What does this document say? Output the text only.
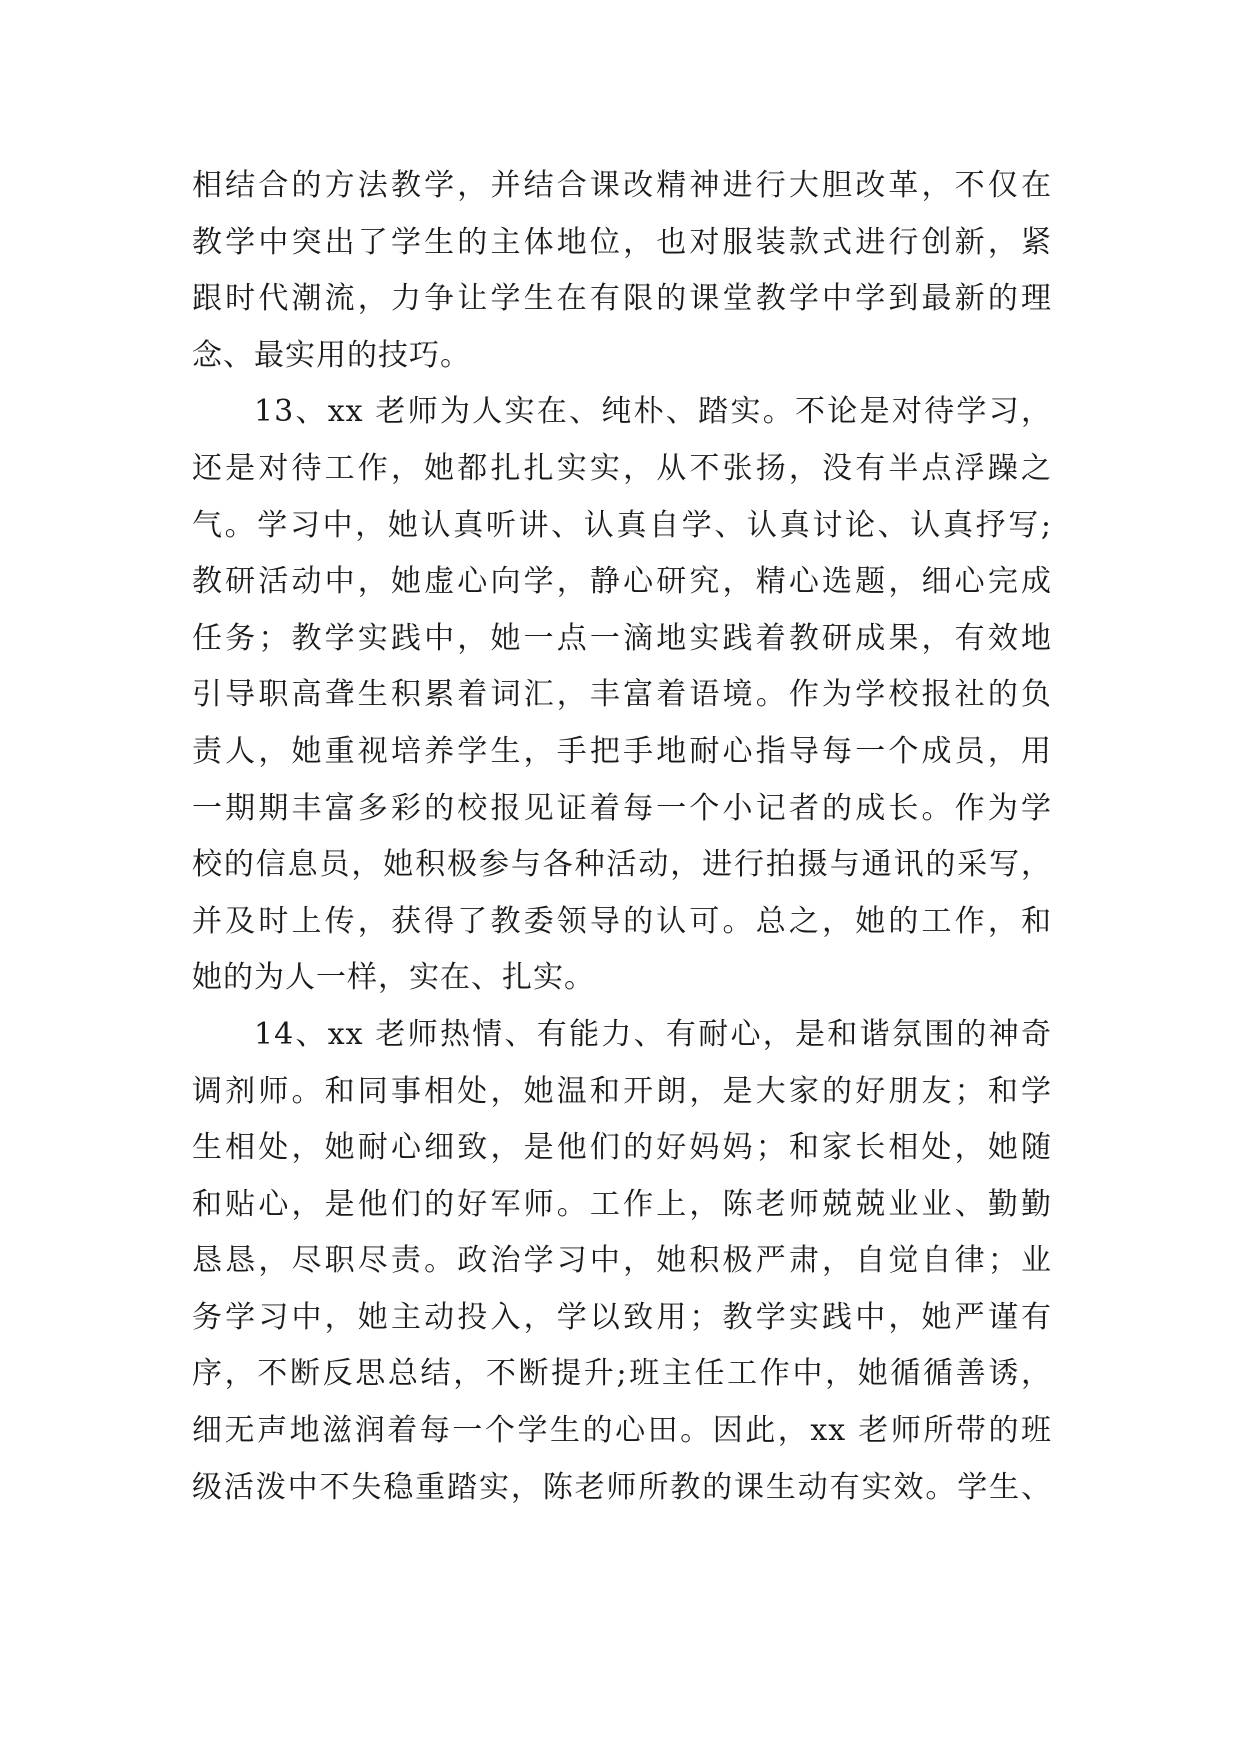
相结合的方法教学，并结合课改精神进行大胆改革，不仅在
教学中突出了学生的主体地位，也对服装款式进行创新，紧
跟时代潮流，力争让学生在有限的课堂教学中学到最新的理
念、最实用的技巧。
13、xx 老师为人实在、纯朴、踏实。不论是对待学习，
还是对待工作，她都扎扎实实，从不张扬，没有半点浮躁之
气。学习中，她认真听讲、认真自学、认真讨论、认真抒写;
教研活动中，她虚心向学，静心研究，精心选题，细心完成
任务；教学实践中，她一点一滴地实践着教研成果，有效地
引导职高聋生积累着词汇，丰富着语境。作为学校报社的负
责人，她重视培养学生，手把手地耐心指导每一个成员，用
一期期丰富多彩的校报见证着每一个小记者的成长。作为学
校的信息员，她积极参与各种活动，进行拍摄与通讯的采写，
并及时上传，获得了教委领导的认可。总之，她的工作，和
她的为人一样，实在、扎实。
14、xx 老师热情、有能力、有耐心，是和谐氛围的神奇
调剂师。和同事相处，她温和开朗，是大家的好朋友；和学
生相处，她耐心细致，是他们的好妈妈；和家长相处，她随
和贴心，是他们的好军师。工作上，陈老师兢兢业业、勤勤
恳恳，尽职尽责。政治学习中，她积极严肃，自觉自律；业
务学习中，她主动投入，学以致用；教学实践中，她严谨有
序，不断反思总结，不断提升;班主任工作中，她循循善诱，
细无声地滋润着每一个学生的心田。因此，xx 老师所带的班
级活泼中不失稳重踏实，陈老师所教的课生动有实效。学生、
